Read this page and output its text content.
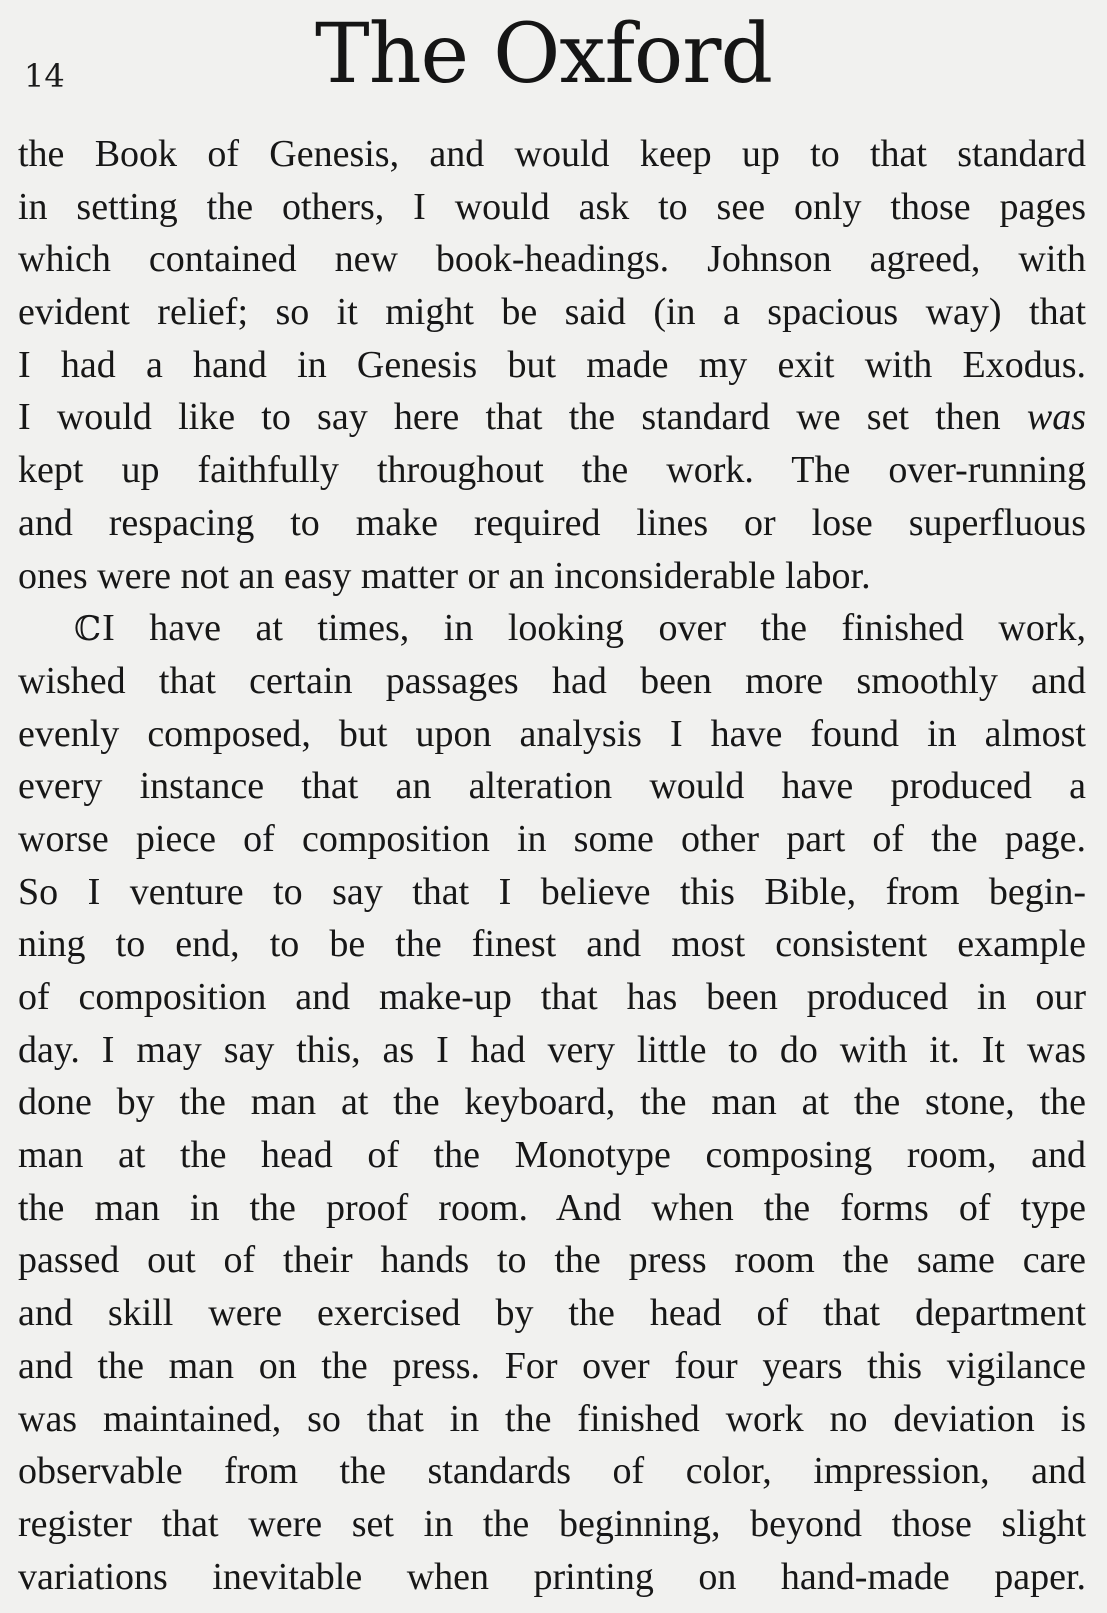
14	The Oxford
the Book of Genesis, and would keep up to that standard
in setting the others, I would ask to see only those pages
which contained new book-headings. Johnson agreed, with
evident relief; so it might be said (in a spacious way) that
I had a hand in Genesis but made my exit with Exodus.
I would like to say here that the standard we set then was
kept up faithfully throughout the work. The over-running
and respacing to make required lines or lose superfluous
ones were not an easy matter or an inconsiderable labor.
ℂI have at times, in looking over the finished work,
wished that certain passages had been more smoothly and
evenly composed, but upon analysis I have found in almost
every instance that an alteration would have produced a
worse piece of composition in some other part of the page.
So I venture to say that I believe this Bible, from begin-
ning to end, to be the finest and most consistent example
of composition and make-up that has been produced in our
day. I may say this, as I had very little to do with it. It was
done by the man at the keyboard, the man at the stone, the
man at the head of the Monotype composing room, and
the man in the proof room. And when the forms of type
passed out of their hands to the press room the same care
and skill were exercised by the head of that department
and the man on the press. For over four years this vigilance
was maintained, so that in the finished work no deviation is
observable from the standards of color, impression, and
register that were set in the beginning, beyond those slight
variations inevitable when printing on hand-made paper.
